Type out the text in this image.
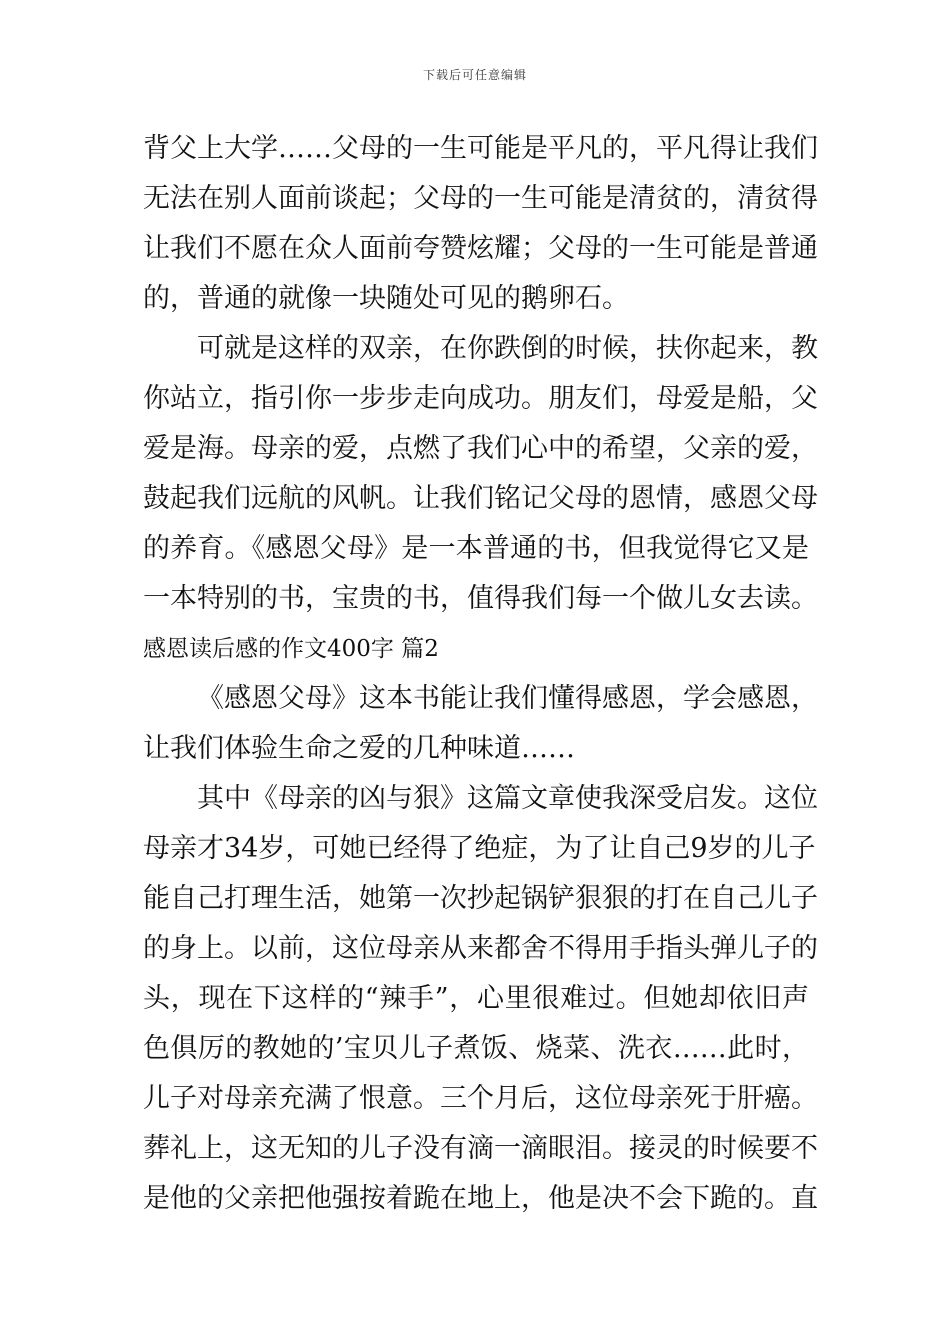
下载后可任意编辑
背父上大学……父母的一生可能是平凡的，平凡得让我们
无法在别人面前谈起；父母的一生可能是清贫的，清贫得
让我们不愿在众人面前夸赞炫耀；父母的一生可能是普通
的，普通的就像一块随处可见的鹅卵石。
可就是这样的双亲，在你跌倒的时候，扶你起来，教
你站立，指引你一步步走向成功。朋友们，母爱是船，父
爱是海。母亲的爱，点燃了我们心中的希望，父亲的爱，
鼓起我们远航的风帆。让我们铭记父母的恩情，感恩父母
的养育。《感恩父母》是一本普通的书，但我觉得它又是
一本特别的书，宝贵的书，值得我们每一个做儿女去读。
感恩读后感的作文400字 篇2
《感恩父母》这本书能让我们懂得感恩，学会感恩，
让我们体验生命之爱的几种味道……
其中《母亲的凶与狠》这篇文章使我深受启发。这位
母亲才34岁，可她已经得了绝症，为了让自己9岁的儿子
能自己打理生活，她第一次抄起锅铲狠狠的打在自己儿子
的身上。以前，这位母亲从来都舍不得用手指头弹儿子的
头，现在下这样的“辣手”，心里很难过。但她却依旧声
色俱厉的教她的’宝贝儿子煮饭、烧菜、洗衣……此时，
儿子对母亲充满了恨意。三个月后，这位母亲死于肝癌。
葬礼上，这无知的儿子没有滴一滴眼泪。接灵的时候要不
是他的父亲把他强按着跪在地上，他是决不会下跪的。直
